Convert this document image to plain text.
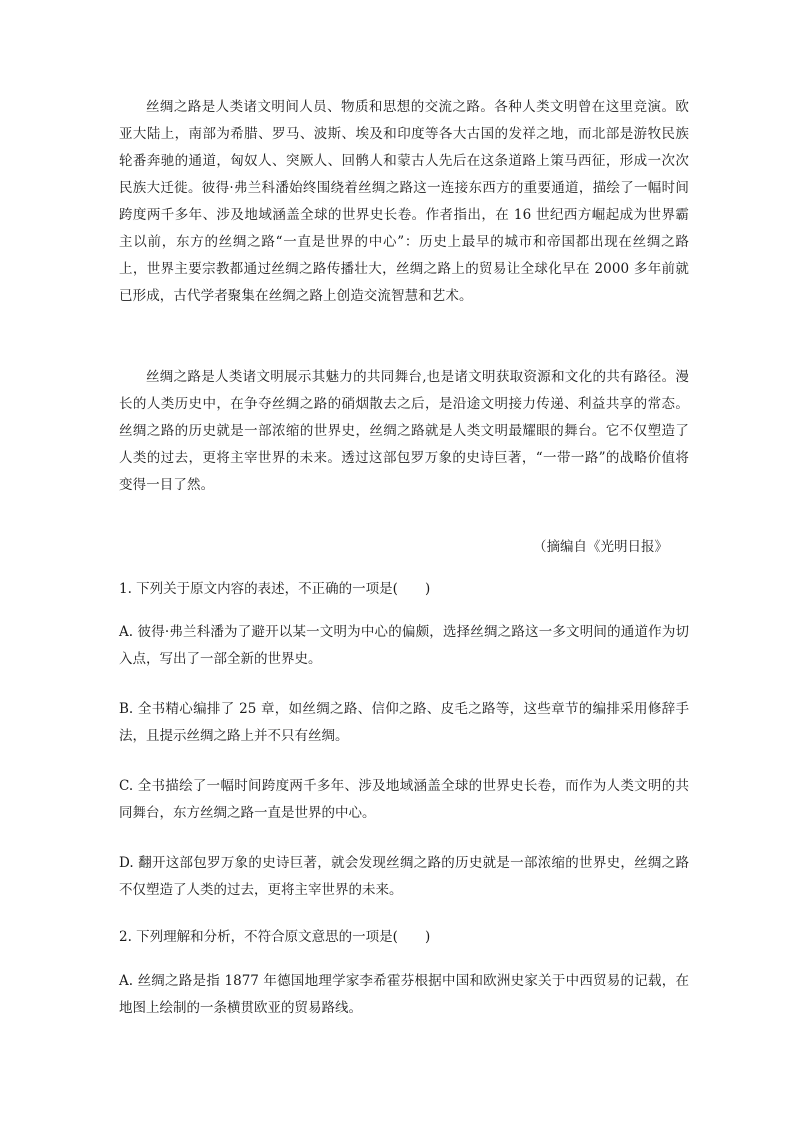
丝绸之路是人类诸文明间人员、物质和思想的交流之路。各种人类文明曾在这里竞演。欧亚大陆上，南部为希腊、罗马、波斯、埃及和印度等各大古国的发祥之地，而北部是游牧民族轮番奔驰的通道，匈奴人、突厥人、回鹘人和蒙古人先后在这条道路上策马西征，形成一次次民族大迁徙。彼得·弗兰科潘始终围绕着丝绸之路这一连接东西方的重要通道，描绘了一幅时间跨度两千多年、涉及地域涵盖全球的世界史长卷。作者指出，在 16 世纪西方崛起成为世界霸主以前，东方的丝绸之路“一直是世界的中心”：历史上最早的城市和帝国都出现在丝绸之路上，世界主要宗教都通过丝绸之路传播壮大，丝绸之路上的贸易让全球化早在 2000 多年前就已形成，古代学者聚集在丝绸之路上创造交流智慧和艺术。

丝绸之路是人类诸文明展示其魅力的共同舞台,也是诸文明获取资源和文化的共有路径。漫长的人类历史中，在争夺丝绸之路的硝烟散去之后，是沿途文明接力传递、利益共享的常态。丝绸之路的历史就是一部浓缩的世界史，丝绸之路就是人类文明最耀眼的舞台。它不仅塑造了人类的过去，更将主宰世界的未来。透过这部包罗万象的史诗巨著，“一带一路”的战略价值将变得一目了然。

（摘编自《光明日报》

1. 下列关于原文内容的表述，不正确的一项是(　　)

A. 彼得·弗兰科潘为了避开以某一文明为中心的偏颇，选择丝绸之路这一多文明间的通道作为切入点，写出了一部全新的世界史。

B. 全书精心编排了 25 章，如丝绸之路、信仰之路、皮毛之路等，这些章节的编排采用修辞手法，且提示丝绸之路上并不只有丝绸。

C. 全书描绘了一幅时间跨度两千多年、涉及地域涵盖全球的世界史长卷，而作为人类文明的共同舞台，东方丝绸之路一直是世界的中心。

D. 翻开这部包罗万象的史诗巨著，就会发现丝绸之路的历史就是一部浓缩的世界史，丝绸之路不仅塑造了人类的过去，更将主宰世界的未来。

2. 下列理解和分析，不符合原文意思的一项是(　　)

A. 丝绸之路是指 1877 年德国地理学家李希霍芬根据中国和欧洲史家关于中西贸易的记载，在地图上绘制的一条横贯欧亚的贸易路线。
